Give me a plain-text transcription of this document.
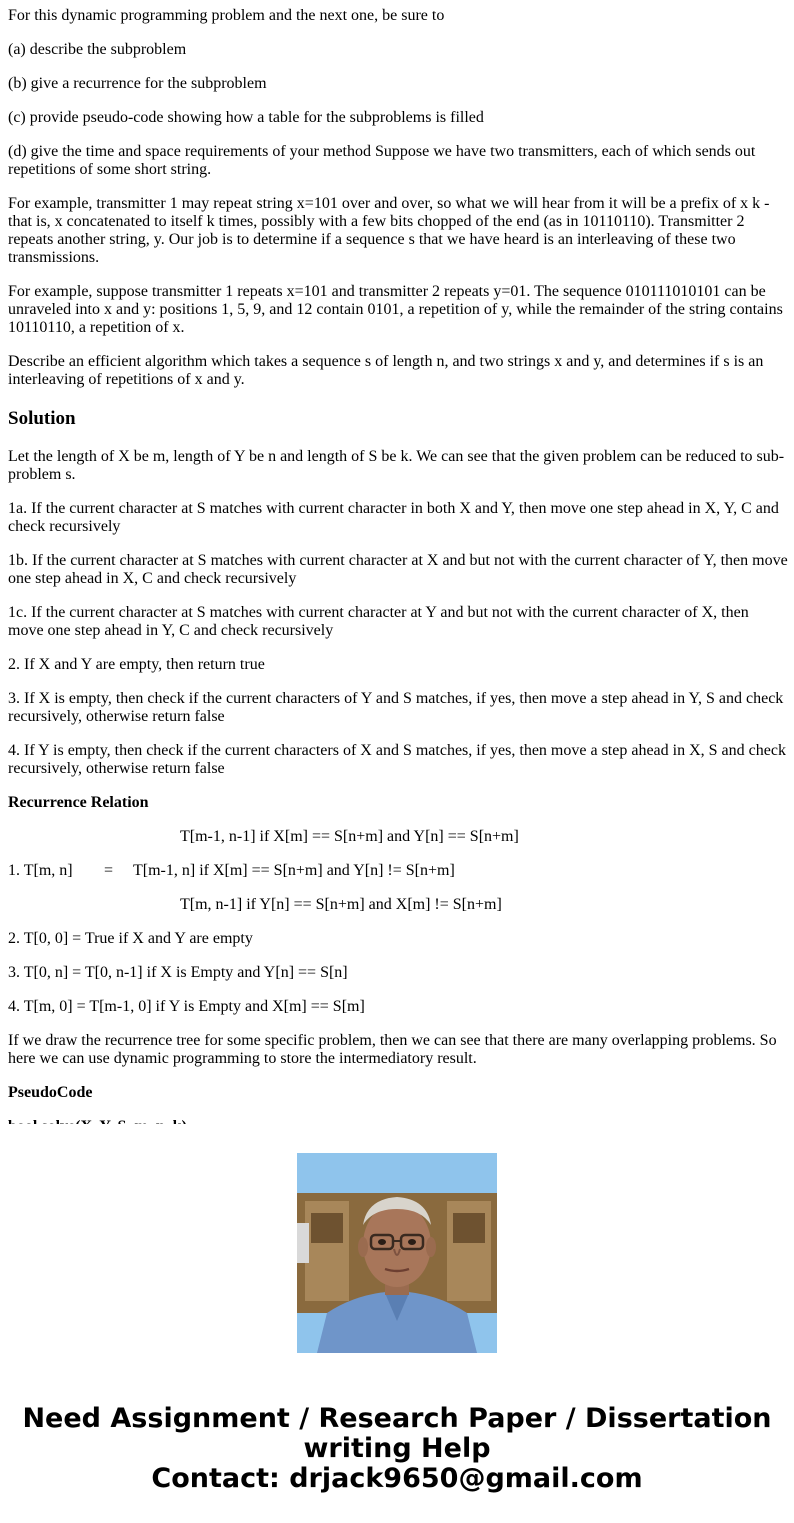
For this dynamic programming problem and the next one, be sure to

(a) describe the subproblem

(b) give a recurrence for the subproblem

(c) provide pseudo-code showing how a table for the subproblems is filled

(d) give the time and space requirements of your method Suppose we have two transmitters, each of which sends out repetitions of some short string.

For example, transmitter 1 may repeat string x=101 over and over, so what we will hear from it will be a prefix of x k - that is, x concatenated to itself k times, possibly with a few bits chopped of the end (as in 10110110). Transmitter 2 repeats another string, y. Our job is to determine if a sequence s that we have heard is an interleaving of these two transmissions.

For example, suppose transmitter 1 repeats x=101 and transmitter 2 repeats y=01. The sequence 010111010101 can be unraveled into x and y: positions 1, 5, 9, and 12 contain 0101, a repetition of y, while the remainder of the string contains 10110110, a repetition of x.

Describe an efficient algorithm which takes a sequence s of length n, and two strings x and y, and determines if s is an interleaving of repetitions of x and y.

Solution

Let the length of X be m, length of Y be n and length of S be k. We can see that the given problem can be reduced to sub-problem s.

1a. If the current character at S matches with current character in both X and Y, then move one step ahead in X, Y, C and check recursively

1b. If the current character at S matches with current character at X and but not with the current character of Y, then move one step ahead in X, C and check recursively

1c. If the current character at S matches with current character at Y and but not with the current character of X, then move one step ahead in Y, C and check recursively

2. If X and Y are empty, then return true

3. If X is empty, then check if the current characters of Y and S matches, if yes, then move a step ahead in Y, S and check recursively, otherwise return false

4. If Y is empty, then check if the current characters of X and S matches, if yes, then move a step ahead in X, S and check recursively, otherwise return false

Recurrence Relation

T[m-1, n-1] if X[m] == S[n+m] and Y[n] == S[n+m]

1. T[m, n]	=	T[m-1, n] if X[m] == S[n+m] and Y[n] != S[n+m]

T[m, n-1] if Y[n] == S[n+m] and X[m] != S[n+m]

2. T[0, 0] = True if X and Y are empty

3. T[0, n] = T[0, n-1] if X is Empty and Y[n] == S[n]

4. T[m, 0] = T[m-1, 0] if Y is Empty and X[m] == S[m]

If we draw the recurrence tree for some specific problem, then we can see that there are many overlapping problems. So here we can use dynamic programming to store the intermediatory result.

PseudoCode

Need Assignment / Research Paper / Dissertation
writing Help
Contact: drjack9650@gmail.com
